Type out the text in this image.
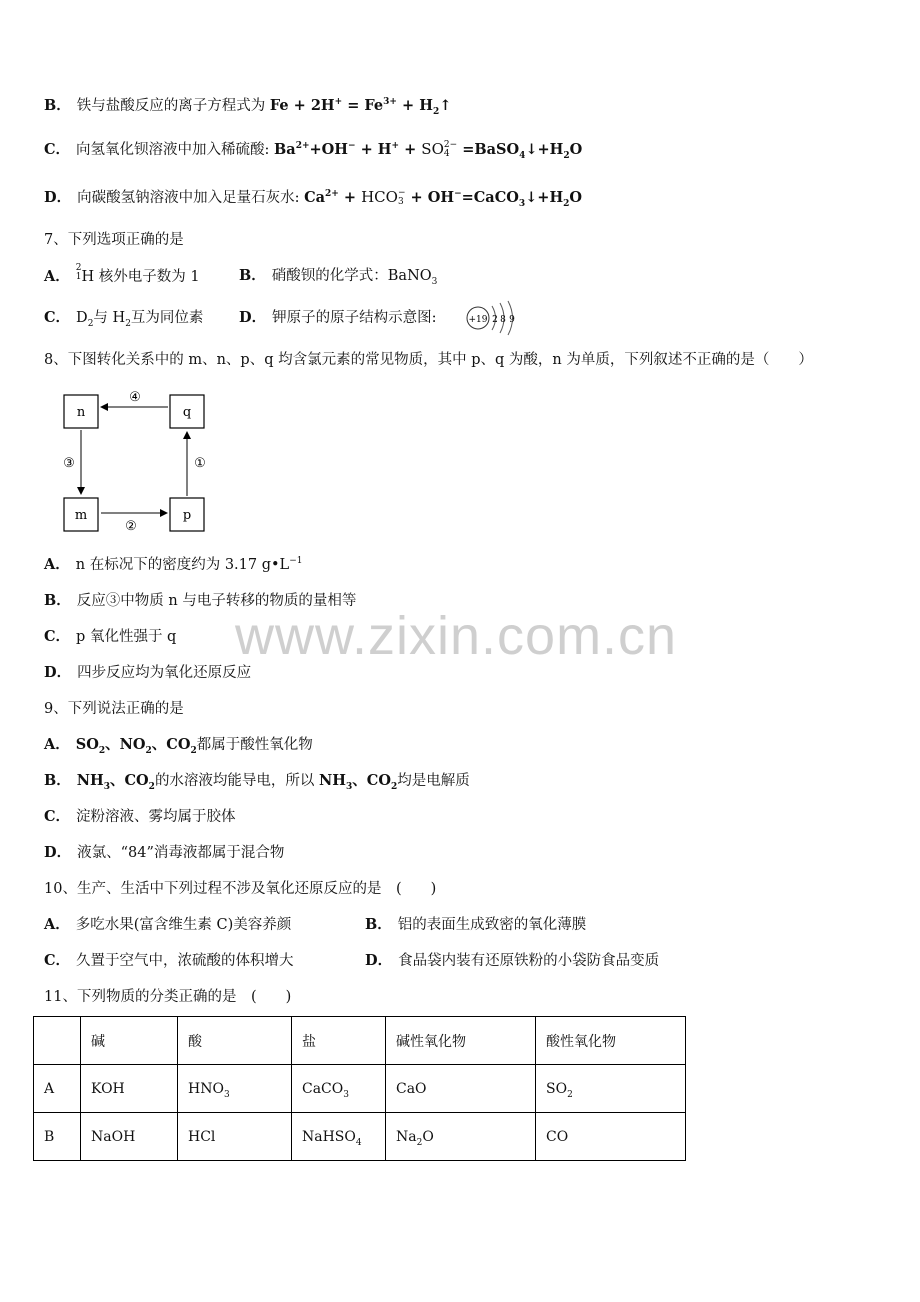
B． 铁与盐酸反应的离子方程式为 $Fe + 2H^+ = Fe^{3+}$ + $H_2↑$
C． 向氢氧化钡溶液中加入稀硫酸: $Ba^{2+}+OH^- + H^+$ + SO 2−
$4 =BaSO_4↓+H_2O$
D． 向碳酸氢钠溶液中加入足量石灰水: $Ca^{2+}$ + HCO −
$3 + OH^-=CaCO_3↓+H_2O$
7、下列选项正确的是
A． 2
1 H 核外电子数为 1	B． 硝酸钡的化学式：BaNO$_3$
C． $D_2$与 $H_2$互为同位素 D． 钾原子的原子结构示意图:	+19 2 8 9
8、下图转化关系中的 m、n、p、q 均含氯元素的常见物质，其中 p、q 为酸，n 为单质，下列叙述不正确的是（　　）
n	q
m	p
④
③
②
①
A． n 在标况下的密度约为 3.17 $g•L^{-1}$
B． 反应③中物质 n 与电子转移的物质的量相等
C． p 氧化性强于 q
D． 四步反应均为氧化还原反应
www.zixin.com.cn
9、下列说法正确的是
A． $SO_2$、$NO_2$、$CO_2$都属于酸性氧化物
B． $NH_3$、$CO_2$的水溶液均能导电，所以 $NH_3$、$CO_2$均是电解质
C． 淀粉溶液、雾均属于胶体
D． 液氯、“84”消毒液都属于混合物
10、生产、生活中下列过程不涉及氧化还原反应的是　(　　)
A． 多吃水果(富含维生素 C)美容养颜	B． 铝的表面生成致密的氧化薄膜
C． 久置于空气中，浓硫酸的体积增大	D． 食品袋内装有还原铁粉的小袋防食品变质
11、下列物质的分类正确的是　(　　)
	碱	酸	盐	碱性氧化物	酸性氧化物
A	KOH	$HNO_3$	CaCO$_3$	CaO	$SO_2$
B	NaOH	HCl	NaHSO$_4$	$Na_2O$	CO
